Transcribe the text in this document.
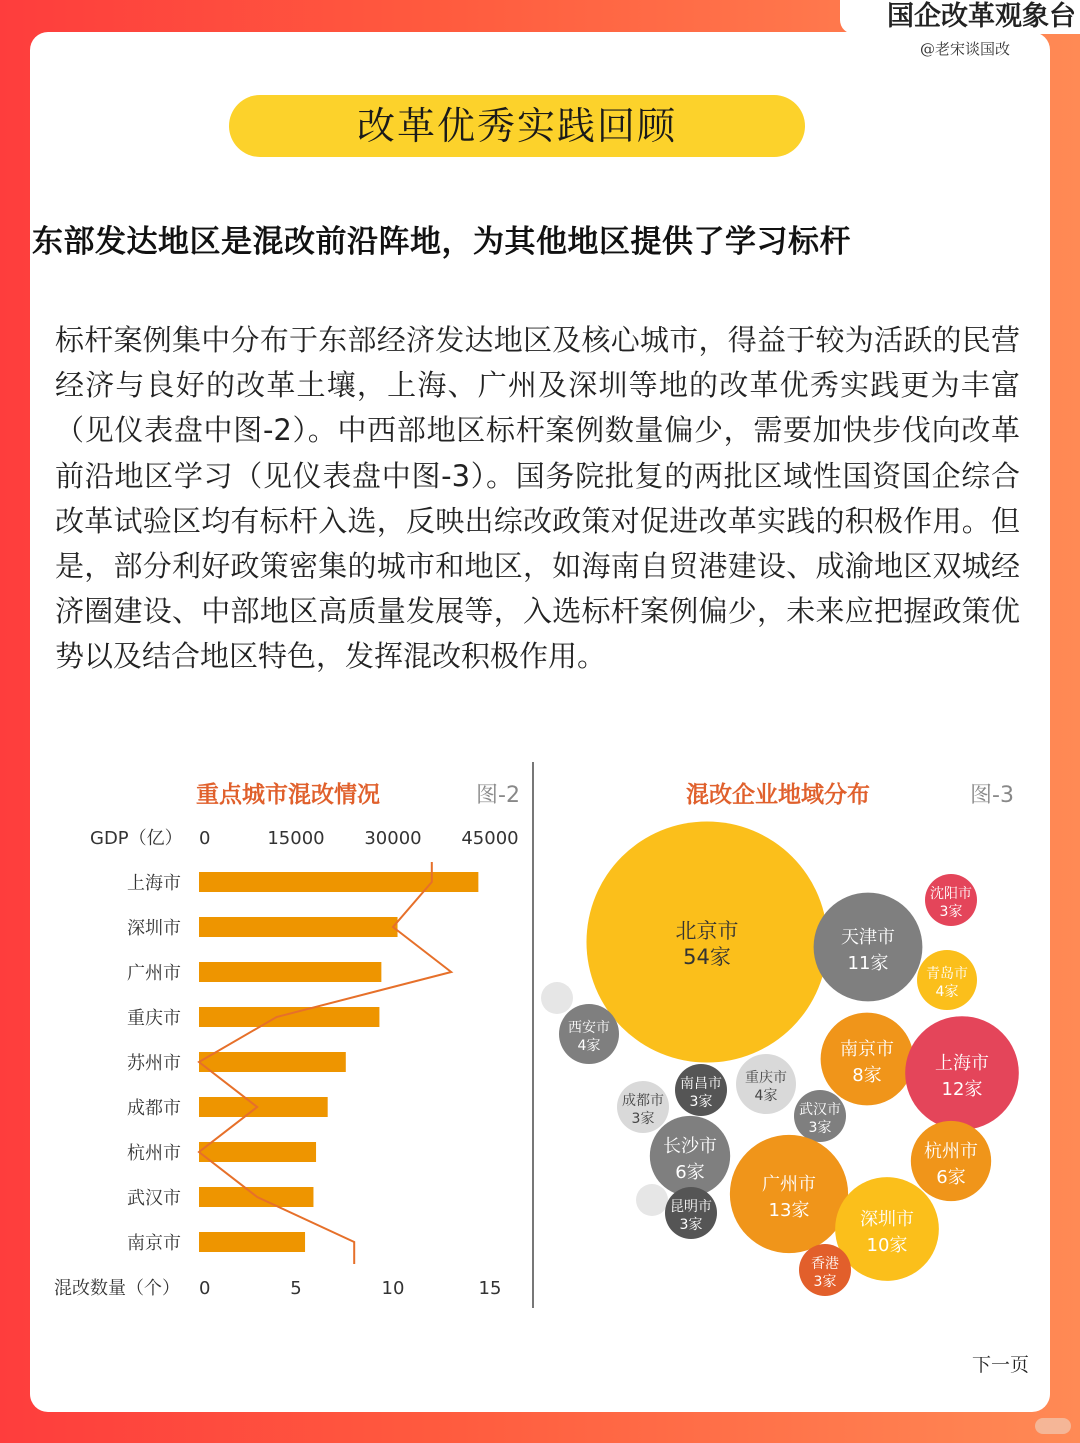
国企改革观象台
@老宋谈国改
改革优秀实践回顾
东部发达地区是混改前沿阵地，为其他地区提供了学习标杆
标杆案例集中分布于东部经济发达地区及核心城市，得益于较为活跃的民营经济与良好的改革土壤，上海、广州及深圳等地的改革优秀实践更为丰富（见仪表盘中图-2）。中西部地区标杆案例数量偏少，需要加快步伐向改革前沿地区学习（见仪表盘中图-3）。国务院批复的两批区域性国资国企综合改革试验区均有标杆入选，反映出综改政策对促进改革实践的积极作用。但是，部分利好政策密集的城市和地区，如海南自贸港建设、成渝地区双城经济圈建设、中部地区高质量发展等，入选标杆案例偏少，未来应把握政策优势以及结合地区特色，发挥混改积极作用。
重点城市混改情况	图-2
GDP（亿）
混改数量（个）
0	15000 30000 45000
0	5	10	15
上海市
深圳市
广州市
重庆市
苏州市
成都市
杭州市
武汉市
南京市
混改企业地域分布	图-3
北京市
54家
天津市
11家
沈阳市
3家
青岛市
4家
南京市
8家
上海市
12家
西安市
4家
重庆市
4家
南昌市
3家
成都市
3家
武汉市
3家
长沙市
6家
杭州市
6家
广州市
13家
昆明市
3家	深圳市
10家
香港
3家
下一页
